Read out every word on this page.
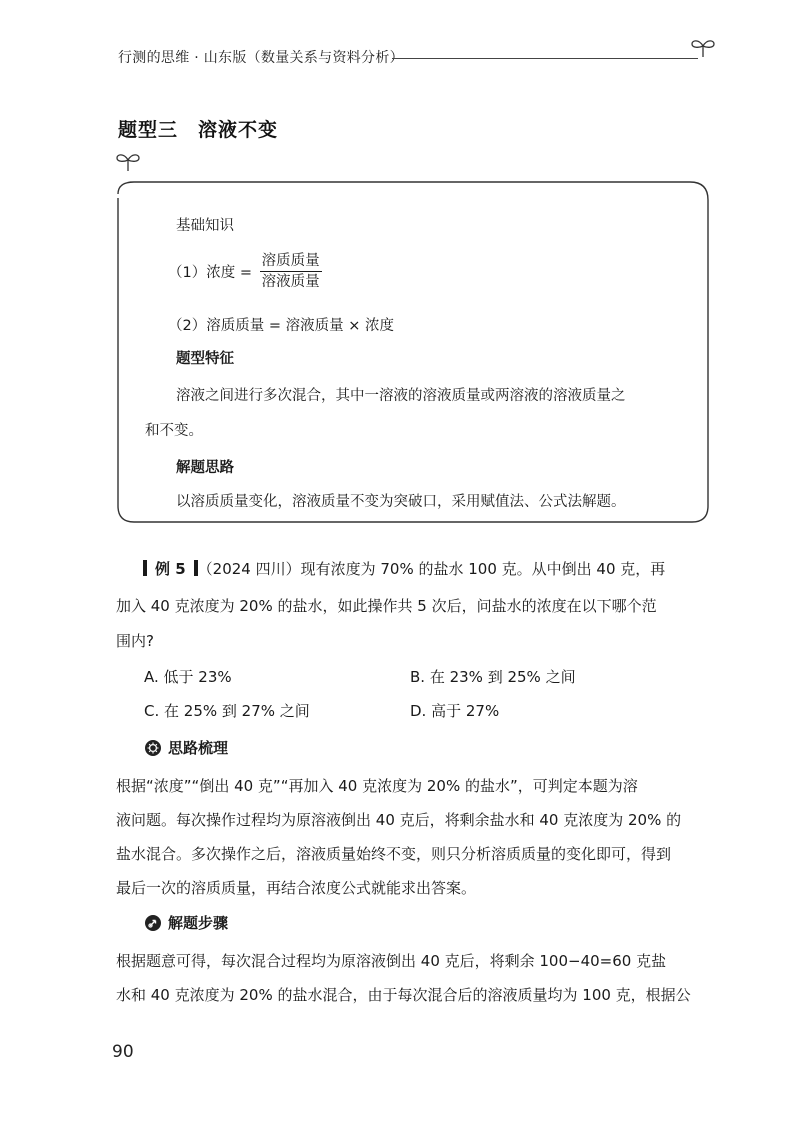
行测的思维 · 山东版（数量关系与资料分析）
题型三 溶液不变
基础知识
（1）浓度 = $\frac{\text{溶质质量}}{\text{溶液质量}}$
（2）溶质质量 = 溶液质量 × 浓度
题型特征
溶液之间进行多次混合，其中一溶液的溶液质量或两溶液的溶液质量之
和不变。
解题思路
以溶质质量变化，溶液质量不变为突破口，采用赋值法、公式法解题。
例 5 （2024 四川）现有浓度为 70% 的盐水 100 克。从中倒出 40 克，再
加入 40 克浓度为 20% 的盐水，如此操作共 5 次后，问盐水的浓度在以下哪个范
围内?
A. 低于 23%	B. 在 23% 到 25% 之间
C. 在 25% 到 27% 之间	D. 高于 27%
思路梳理
根据“浓度”“倒出 40 克”“再加入 40 克浓度为 20% 的盐水”，可判定本题为溶
液问题。每次操作过程均为原溶液倒出 40 克后，将剩余盐水和 40 克浓度为 20% 的
盐水混合。多次操作之后，溶液质量始终不变，则只分析溶质质量的变化即可，得到
最后一次的溶质质量，再结合浓度公式就能求出答案。
解题步骤
根据题意可得，每次混合过程均为原溶液倒出 40 克后，将剩余 100−40=60 克盐
水和 40 克浓度为 20% 的盐水混合，由于每次混合后的溶液质量均为 100 克，根据公
90
